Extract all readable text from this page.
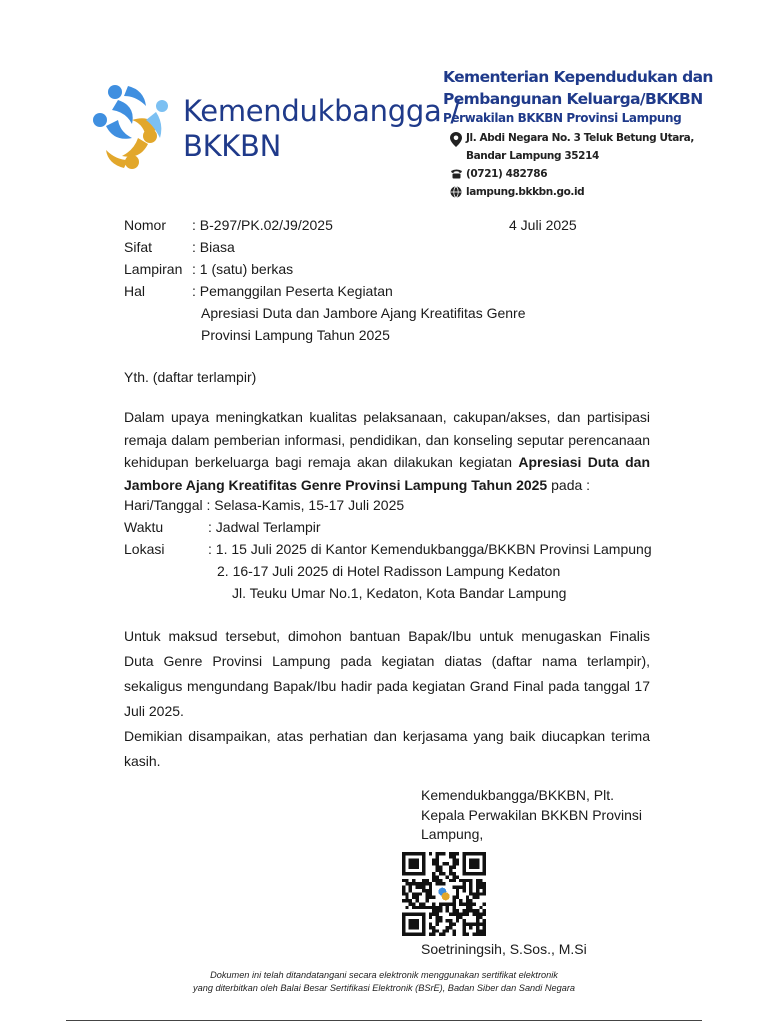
Kemendukbangga /
BKKBN
Kementerian Kependudukan dan
Pembangunan Keluarga/BKKBN
Perwakilan BKKBN Provinsi Lampung
Jl. Abdi Negara No. 3 Teluk Betung Utara,
Bandar Lampung 35214
(0721) 482786
lampung.bkkbn.go.id
Nomor	: B-297/PK.02/J9/2025
Sifat	: Biasa
Lampiran : 1 (satu) berkas
Hal	: Pemanggilan Peserta Kegiatan
Apresiasi Duta dan Jambore Ajang Kreatifitas Genre
Provinsi Lampung Tahun 2025
4 Juli 2025
Yth. (daftar terlampir)
Dalam upaya meningkatkan kualitas pelaksanaan, cakupan/akses, dan partisipasi remaja dalam pemberian informasi, pendidikan, dan konseling seputar perencanaan kehidupan berkeluarga bagi remaja akan dilakukan kegiatan Apresiasi Duta dan Jambore Ajang Kreatifitas Genre Provinsi Lampung Tahun 2025 pada :
Hari/Tanggal : Selasa-Kamis, 15-17 Juli 2025
Waktu	: Jadwal Terlampir
Lokasi	: 1. 15 Juli 2025 di Kantor Kemendukbangga/BKKBN Provinsi Lampung
2. 16-17 Juli 2025 di Hotel Radisson Lampung Kedaton
Jl. Teuku Umar No.1, Kedaton, Kota Bandar Lampung
Untuk maksud tersebut, dimohon bantuan Bapak/Ibu untuk menugaskan Finalis Duta Genre Provinsi Lampung pada kegiatan diatas (daftar nama terlampir), sekaligus mengundang Bapak/Ibu hadir pada kegiatan Grand Final pada tanggal 17 Juli 2025.
Demikian disampaikan, atas perhatian dan kerjasama yang baik diucapkan terima kasih.
Kemendukbangga/BKKBN, Plt.
Kepala Perwakilan BKKBN Provinsi
Lampung,
Soetriningsih, S.Sos., M.Si
Dokumen ini telah ditandatangani secara elektronik menggunakan sertifikat elektronik
yang diterbitkan oleh Balai Besar Sertifikasi Elektronik (BSrE), Badan Siber dan Sandi Negara
